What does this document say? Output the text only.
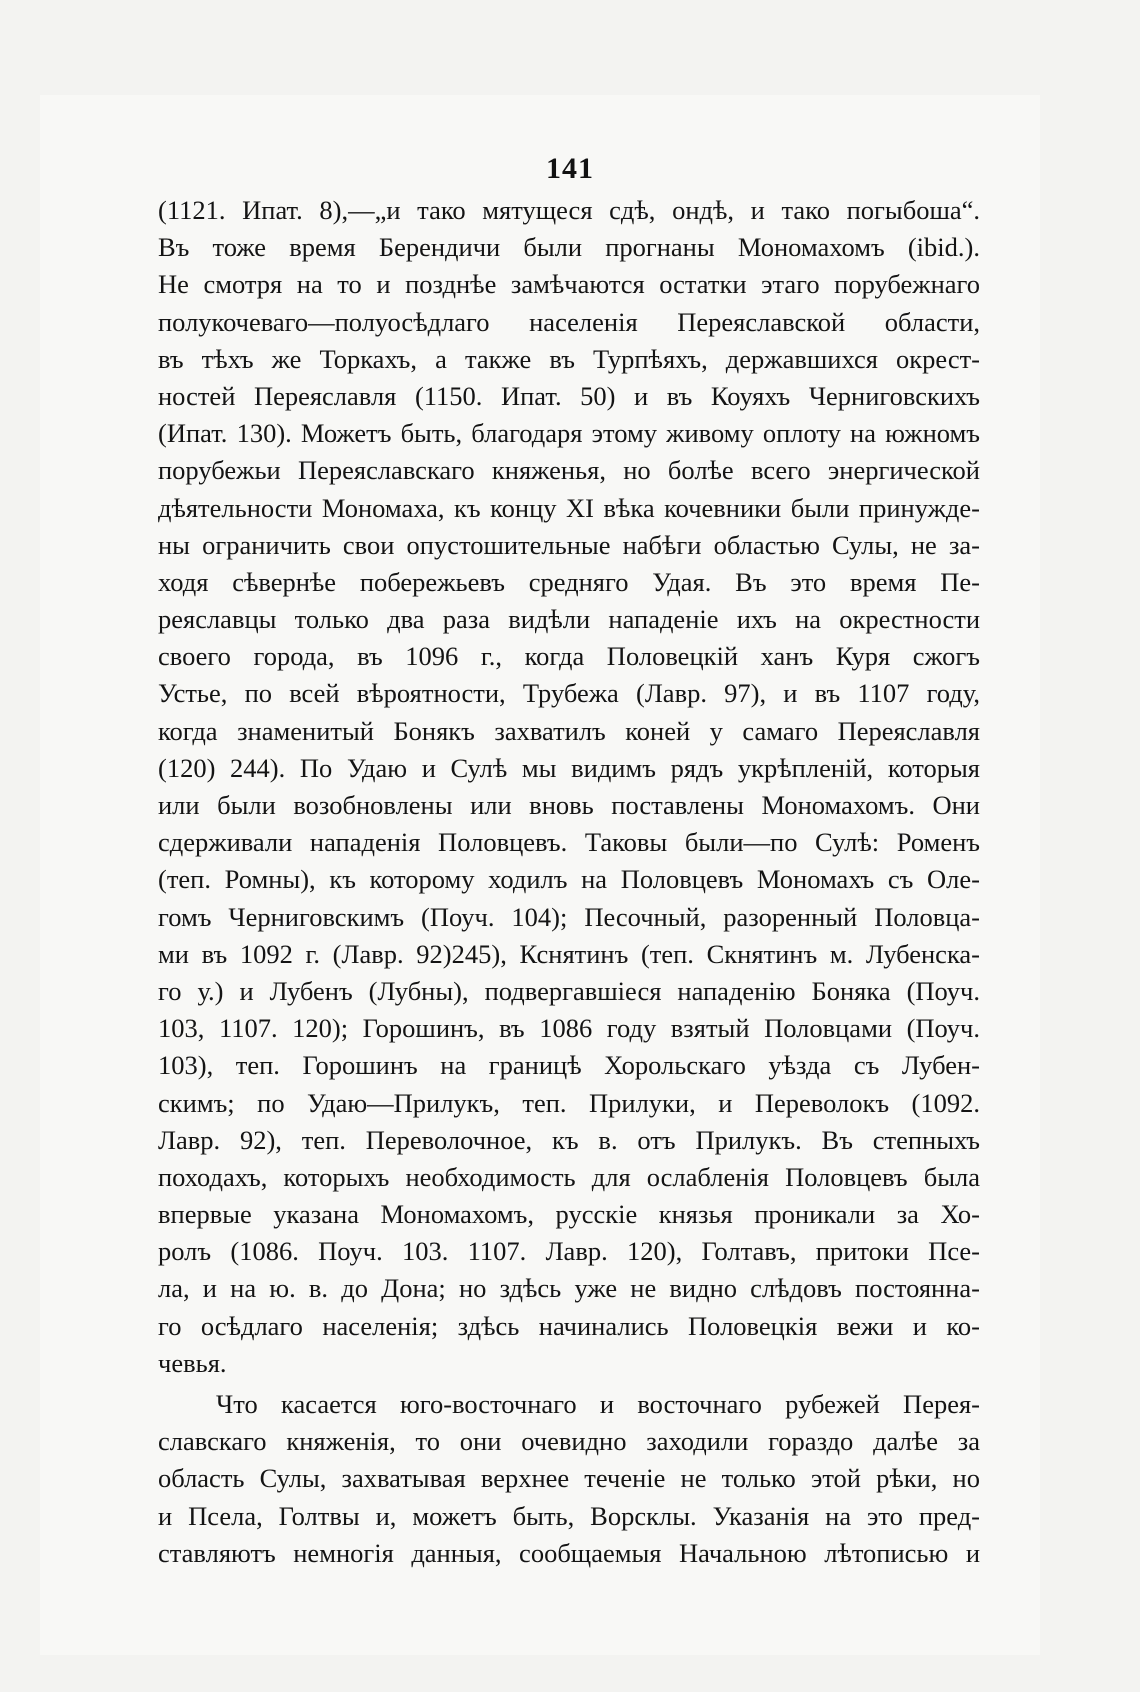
141
(1121. Ипат. 8),—„и тако мятущеся сдѣ, ондѣ, и тако погыбоша“.
Въ тоже время Берендичи были прогнаны Мономахомъ (ibid.).
Не смотря на то и позднѣе замѣчаются остатки этаго порубежнаго
полукочеваго—полуосѣдлаго населенія Переяславской области,
въ тѣхъ же Торкахъ, а также въ Турпѣяхъ, державшихся окрест-
ностей Переяславля (1150. Ипат. 50) и въ Коуяхъ Черниговскихъ
(Ипат. 130). Можетъ быть, благодаря этому живому оплоту на южномъ
порубежьи Переяславскаго княженья, но болѣе всего энергической
дѣятельности Мономаха, къ концу XI вѣка кочевники были принужде-
ны ограничить свои опустошительные набѣги областью Сулы, не за-
ходя сѣвернѣе побережьевъ средняго Удая. Въ это время Пе-
реяславцы только два раза видѣли нападеніе ихъ на окрестности
своего города, въ 1096 г., когда Половецкій ханъ Куря сжогъ
Устье, по всей вѣроятности, Трубежа (Лавр. 97), и въ 1107 году,
когда знаменитый Бонякъ захватилъ коней у самаго Переяславля
(120) 244). По Удаю и Сулѣ мы видимъ рядъ укрѣпленій, которыя
или были возобновлены или вновь поставлены Мономахомъ. Они
сдерживали нападенія Половцевъ. Таковы были—по Сулѣ: Роменъ
(теп. Ромны), къ которому ходилъ на Половцевъ Мономахъ съ Оле-
гомъ Черниговскимъ (Поуч. 104); Песочный, разоренный Половца-
ми въ 1092 г. (Лавр. 92)245), Кснятинъ (теп. Скнятинъ м. Лубенска-
го у.) и Лубенъ (Лубны), подвергавшіеся нападенію Боняка (Поуч.
103, 1107. 120); Горошинъ, въ 1086 году взятый Половцами (Поуч.
103), теп. Горошинъ на границѣ Хорольскаго уѣзда съ Лубен-
скимъ; по Удаю—Прилукъ, теп. Прилуки, и Переволокъ (1092.
Лавр. 92), теп. Переволочное, къ в. отъ Прилукъ. Въ степныхъ
походахъ, которыхъ необходимость для ослабленія Половцевъ была
впервые указана Мономахомъ, русскіе князья проникали за Хо-
ролъ (1086. Поуч. 103. 1107. Лавр. 120), Голтавъ, притоки Псе-
ла, и на ю. в. до Дона; но здѣсь уже не видно слѣдовъ постоянна-
го осѣдлаго населенія; здѣсь начинались Половецкія вежи и ко-
чевья.
Что касается юго-восточнаго и восточнаго рубежей Перея-
славскаго княженія, то они очевидно заходили гораздо далѣе за
область Сулы, захватывая верхнее теченіе не только этой рѣки, но
и Псела, Голтвы и, можетъ быть, Ворсклы. Указанія на это пред-
ставляютъ немногія данныя, сообщаемыя Начальною лѣтописью и
